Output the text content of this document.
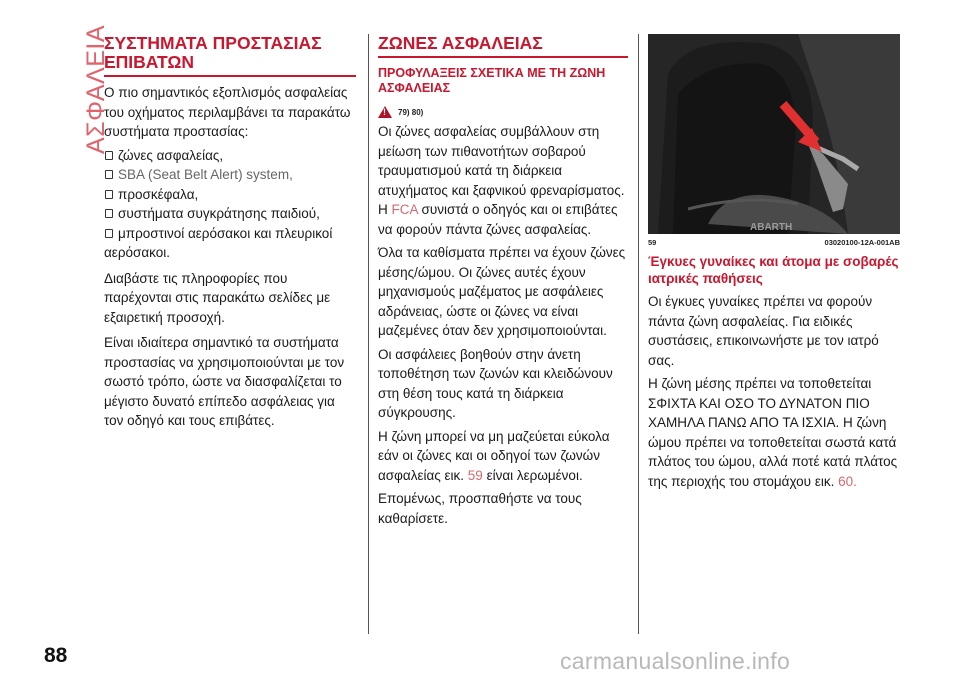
ΑΣΦΑΛΕΙΑ
ΣΥΣΤΗΜΑΤΑ ΠΡΟΣΤΑΣΙΑΣ
ΕΠΙΒΑΤΩΝ

Ο πιο σημαντικός εξοπλισμός ασφαλείας του οχήματος περιλαμβάνει τα παρακάτω συστήματα προστασίας:

ζώνες ασφαλείας,
SBA (Seat Belt Alert) system,
προσκέφαλα,
συστήματα συγκράτησης παιδιού,
μπροστινοί αερόσακοι και πλευρικοί

αερόσακοι.

Διαβάστε τις πληροφορίες που παρέχονται στις παρακάτω σελίδες με εξαιρετική προσοχή.

Είναι ιδιαίτερα σημαντικό τα συστήματα προστασίας να χρησιμοποιούνται με τον σωστό τρόπο, ώστε να διασφαλίζεται το μέγιστο δυνατό επίπεδο ασφάλειας για τον οδηγό και τους επιβάτες.

ΖΩΝΕΣ ΑΣΦΑΛΕΙΑΣ
ΠΡΟΦΥΛΑΞΕΙΣ ΣΧΕΤΙΚΑ ΜΕ ΤΗ ΖΩΝΗ ΑΣΦΑΛΕΙΑΣ
!
79) 80)

Οι ζώνες ασφαλείας συμβάλλουν στη μείωση των πιθανοτήτων σοβαρού τραυματισμού κατά τη διάρκεια ατυχήματος και ξαφνικού φρεναρίσματος. Η FCA συνιστά ο οδηγός και οι επιβάτες να φορούν πάντα ζώνες ασφαλείας.

Όλα τα καθίσματα πρέπει να έχουν ζώνες μέσης/ώμου. Οι ζώνες αυτές έχουν μηχανισμούς μαζέματος με ασφάλειες αδράνειας, ώστε οι ζώνες να είναι μαζεμένες όταν δεν χρησιμοποιούνται.

Οι ασφάλειες βοηθούν στην άνετη τοποθέτηση των ζωνών και κλειδώνουν στη θέση τους κατά τη διάρκεια σύγκρουσης.

Η ζώνη μπορεί να μη μαζεύεται εύκολα εάν οι ζώνες και οι οδηγοί των ζωνών ασφαλείας εικ. 59 είναι λερωμένοι.

Επομένως, προσπαθήστε να τους καθαρίσετε.

ABARTH
59	03020100-12A-001AB
Έγκυες γυναίκες και άτομα με σοβαρές ιατρικές παθήσεις

Οι έγκυες γυναίκες πρέπει να φορούν πάντα ζώνη ασφαλείας. Για ειδικές συστάσεις, επικοινωνήστε με τον ιατρό σας.

Η ζώνη μέσης πρέπει να τοποθετείται ΣΦΙΧΤΑ ΚΑΙ ΟΣΟ ΤΟ ΔΥΝΑΤΟΝ ΠΙΟ ΧΑΜΗΛΑ ΠΑΝΩ ΑΠΟ ΤΑ ΙΣΧΙΑ. Η ζώνη ώμου πρέπει να τοποθετείται σωστά κατά πλάτος του ώμου, αλλά ποτέ κατά πλάτος της περιοχής του στομάχου εικ. 60.

88	carmanualsonline.info
